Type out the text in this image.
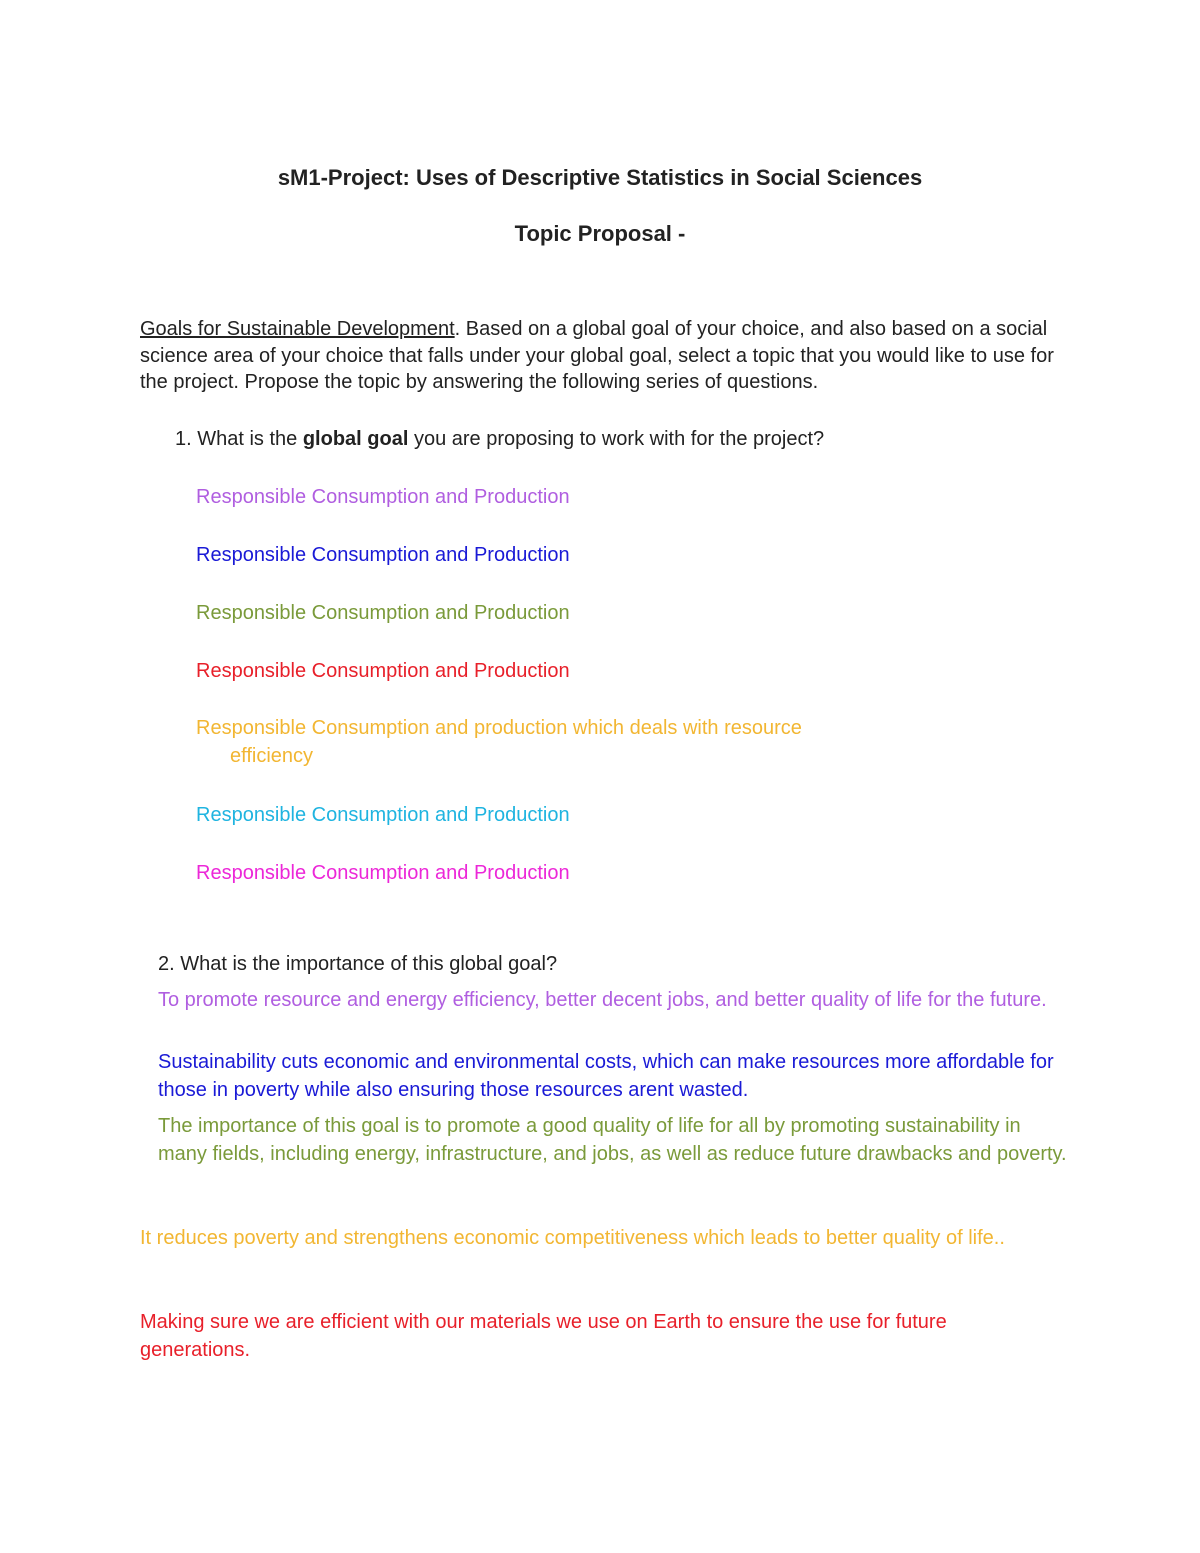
sM1-Project: Uses of Descriptive Statistics in Social Sciences
Topic Proposal -
Goals for Sustainable Development. Based on a global goal of your choice, and also based on a social science area of your choice that falls under your global goal, select a topic that you would like to use for the project. Propose the topic by answering the following series of questions.
1. What is the global goal you are proposing to work with for the project?
Responsible Consumption and Production
Responsible Consumption and Production
Responsible Consumption and Production
Responsible Consumption and Production
Responsible Consumption and production which deals with resource
efficiency
Responsible Consumption and Production
Responsible Consumption and Production
2. What is the importance of this global goal?
To promote resource and energy efficiency, better decent jobs, and better quality of life for the future.
Sustainability cuts economic and environmental costs, which can make resources more affordable for those in poverty while also ensuring those resources arent wasted.
The importance of this goal is to promote a good quality of life for all by promoting sustainability in many fields, including energy, infrastructure, and jobs, as well as reduce future drawbacks and poverty.
It reduces poverty and strengthens economic competitiveness which leads to better quality of life..
Making sure we are efficient with our materials we use on Earth to ensure the use for future generations.
